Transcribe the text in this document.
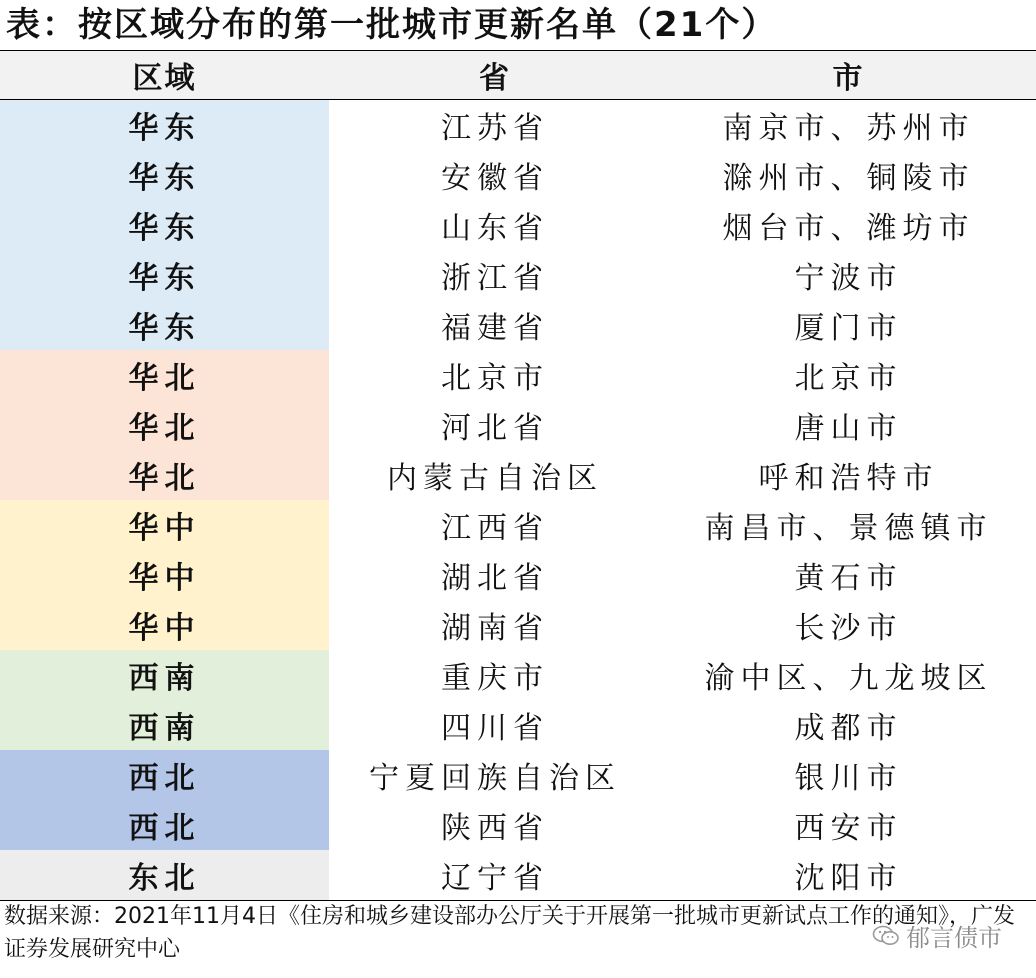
表：按区域分布的第一批城市更新名单（21个）
区域	省	市
华东	江苏省	南京市、苏州市
华东	安徽省	滁州市、铜陵市
华东	山东省	烟台市、潍坊市
华东	浙江省	宁波市
华东	福建省	厦门市
华北	北京市	北京市
华北	河北省	唐山市
华北	内蒙古自治区	呼和浩特市
华中	江西省	南昌市、景德镇市
华中	湖北省	黄石市
华中	湖南省	长沙市
西南	重庆市	渝中区、九龙坡区
西南	四川省	成都市
西北	宁夏回族自治区	银川市
西北	陕西省	西安市
东北	辽宁省	沈阳市
数据来源：2021年11月4日《住房和城乡建设部办公厅关于开展第一批城市更新试点工作的通知》，广发证券发展研究中心	郁言债市
